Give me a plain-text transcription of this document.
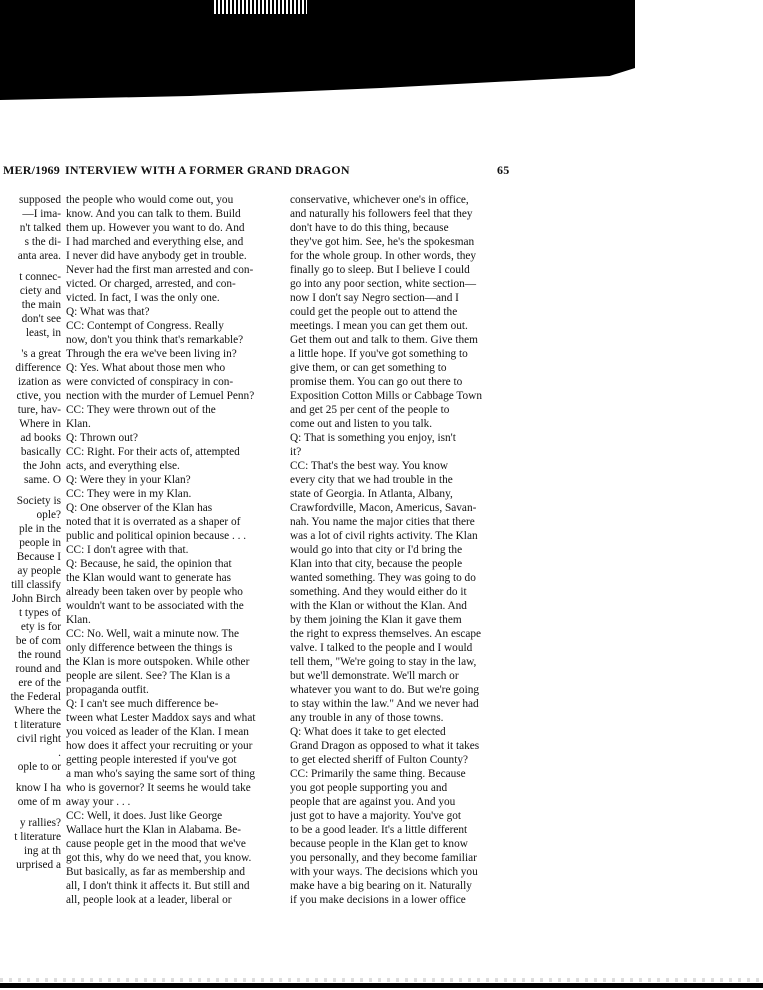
MER/1969 INTERVIEW WITH A FORMER GRAND DRAGON	65

supposed

—I ima-

n't talked

s the di-

anta area.

t connec-

ciety and

the main

don't see

least, in

's a great

difference

ization as

ctive, you

ture, hav-

Where in

ad books

basically

the John

same. O

Society is

ople?

ple in the

people in

Because I

ay people

till classify

John Birch

t types of

ety is for

be of com

the round

round and

ere of the

the Federal

Where the

t literature

civil right

.

ople to or

know I ha

ome of m

y rallies?

t literature

ing at th

urprised a

the people who would come out, you

know. And you can talk to them. Build

them up. However you want to do. And

I had marched and everything else, and

I never did have anybody get in trouble.

Never had the first man arrested and con-

victed. Or charged, arrested, and con-

victed. In fact, I was the only one.

Q: What was that?

CC: Contempt of Congress. Really

now, don't you think that's remarkable?

Through the era we've been living in?

Q: Yes. What about those men who

were convicted of conspiracy in con-

nection with the murder of Lemuel Penn?

CC: They were thrown out of the

Klan.

Q: Thrown out?

CC: Right. For their acts of, attempted

acts, and everything else.

Q: Were they in your Klan?

CC: They were in my Klan.

Q: One observer of the Klan has

noted that it is overrated as a shaper of

public and political opinion because . . .

CC: I don't agree with that.

Q: Because, he said, the opinion that

the Klan would want to generate has

already been taken over by people who

wouldn't want to be associated with the

Klan.

CC: No. Well, wait a minute now. The

only difference between the things is

the Klan is more outspoken. While other

people are silent. See? The Klan is a

propaganda outfit.

Q: I can't see much difference be-

tween what Lester Maddox says and what

you voiced as leader of the Klan. I mean

how does it affect your recruiting or your

getting people interested if you've got

a man who's saying the same sort of thing

who is governor? It seems he would take

away your . . .

CC: Well, it does. Just like George

Wallace hurt the Klan in Alabama. Be-

cause people get in the mood that we've

got this, why do we need that, you know.

But basically, as far as membership and

all, I don't think it affects it. But still and

all, people look at a leader, liberal or

conservative, whichever one's in office,

and naturally his followers feel that they

don't have to do this thing, because

they've got him. See, he's the spokesman

for the whole group. In other words, they

finally go to sleep. But I believe I could

go into any poor section, white section—

now I don't say Negro section—and I

could get the people out to attend the

meetings. I mean you can get them out.

Get them out and talk to them. Give them

a little hope. If you've got something to

give them, or can get something to

promise them. You can go out there to

Exposition Cotton Mills or Cabbage Town

and get 25 per cent of the people to

come out and listen to you talk.

Q: That is something you enjoy, isn't

it?

CC: That's the best way. You know

every city that we had trouble in the

state of Georgia. In Atlanta, Albany,

Crawfordville, Macon, Americus, Savan-

nah. You name the major cities that there

was a lot of civil rights activity. The Klan

would go into that city or I'd bring the

Klan into that city, because the people

wanted something. They was going to do

something. And they would either do it

with the Klan or without the Klan. And

by them joining the Klan it gave them

the right to express themselves. An escape

valve. I talked to the people and I would

tell them, "We're going to stay in the law,

but we'll demonstrate. We'll march or

whatever you want to do. But we're going

to stay within the law." And we never had

any trouble in any of those towns.

Q: What does it take to get elected

Grand Dragon as opposed to what it takes

to get elected sheriff of Fulton County?

CC: Primarily the same thing. Because

you got people supporting you and

people that are against you. And you

just got to have a majority. You've got

to be a good leader. It's a little different

because people in the Klan get to know

you personally, and they become familiar

with your ways. The decisions which you

make have a big bearing on it. Naturally

if you make decisions in a lower office
